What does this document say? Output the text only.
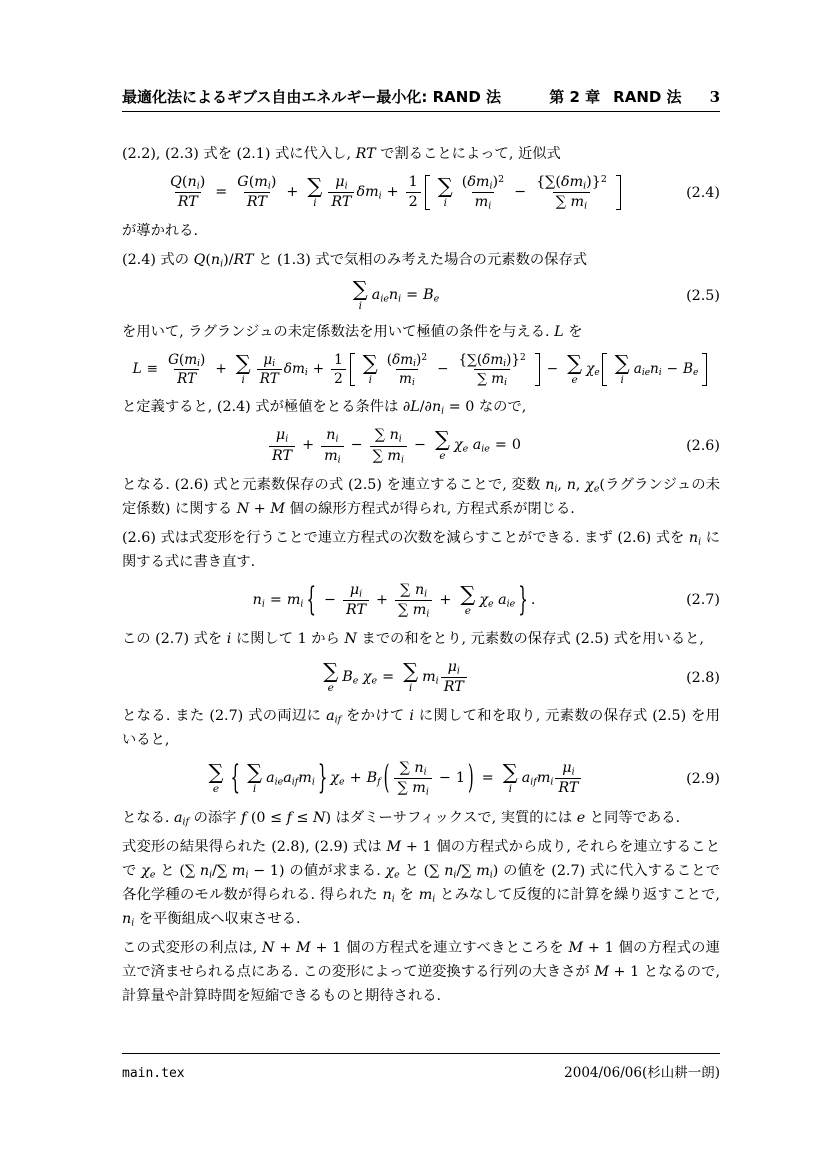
最適化法によるギブス自由エネルギー最小化: RAND 法	第 2 章 RAND 法 3

(2.2), (2.3) 式を (2.1) 式に代入し, RT で割ることによって, 近似式

$\frac{Q(n_i)}{RT} = \frac{G(m_i)}{RT}$ + ∑
i $\frac{\mu_i}{RT} \delta m_i + \frac{1}{2}$ ∑
i $\frac{(\delta m_i)^2}{m_i} - \frac{\{\sum(\delta m_i)\}^2}{\sum m_i}$	(2.4)

が導かれる.

(2.4) 式の $Q(n_i)/RT$ と (1.3) 式で気相のみ考えた場合の元素数の保存式

∑
i
$a_{ie}n_i = B_e$	(2.5)

を用いて, ラグランジュの未定係数法を用いて極値の条件を与える. L を

$L \equiv \frac{G(m_i)}{RT}$ + ∑
i $\frac{\mu_i}{RT} \delta m_i + \frac{1}{2}$ ∑
i $\frac{(\delta m_i)^2}{m_i} - \frac{\{\sum(\delta m_i)\}^2}{\sum m_i}$ − ∑
e
$\chi_e$ ∑
i
$a_{ie}n_i - B_e$

と定義すると, (2.4) 式が極値をとる条件は $\partial L/\partial n_i = 0$ なので,

$\frac{\mu_i}{RT} + \frac{n_i}{m_i} - \frac{\sum n_i}{\sum m_i}$ − ∑
e
$\chi_e$ $a_{ie} = 0$	(2.6)

となる. (2.6) 式と元素数保存の式 (2.5) を連立することで, 変数 $n_i$, n, $\chi_e$(ラグランジュの未定係数) に関する N + M 個の線形方程式が得られ, 方程式系が閉じる.

(2.6) 式は式変形を行うことで連立方程式の次数を減らすことができる. まず (2.6) 式を $n_i$ に関する式に書き直す.

$n_i = m_i$ { − $\frac{\mu_i}{RT} + \frac{\sum n_i}{\sum m_i}$ + ∑
e
$\chi_e$ $a_{ie}$ } .	(2.7)

この (2.7) 式を i に関して 1 から N までの和をとり, 元素数の保存式 (2.5) 式を用いると,

∑
e
$B_e$ $\chi_e$ = ∑
i
$m_i \frac{\mu_i}{RT}$	(2.8)

となる. また (2.7) 式の両辺に $a_{if}$ をかけて i に関して和を取り, 元素数の保存式 (2.5) を用いると,

∑
e { ∑
i
$a_{ie}a_{if}m_i$ } $\chi_e + B_f$ ( $\frac{\sum n_i}{\sum m_i} - 1$ ) = ∑
i
$a_{if}m_i \frac{\mu_i}{RT}$	(2.9)

となる. $a_{if}$ の添字 f (0 ≤ f ≤ N) はダミーサフィックスで, 実質的には e と同等である.

式変形の結果得られた (2.8), (2.9) 式は M + 1 個の方程式から成り, それらを連立することで $\chi_e$ と (∑ $n_i/\sum$ $m_i - 1$) の値が求まる. $\chi_e$ と (∑ $n_i/\sum$ $m_i$) の値を (2.7) 式に代入することで各化学種のモル数が得られる. 得られた $n_i$ を $m_i$ とみなして反復的に計算を繰り返すことで, $n_i$ を平衡組成へ収束させる.

この式変形の利点は, N + M + 1 個の方程式を連立すべきところを M + 1 個の方程式の連立で済ませられる点にある. この変形によって逆変換する行列の大きさが M + 1 となるので, 計算量や計算時間を短縮できるものと期待される.

main.tex	2004/06/06(杉山耕一朗)
